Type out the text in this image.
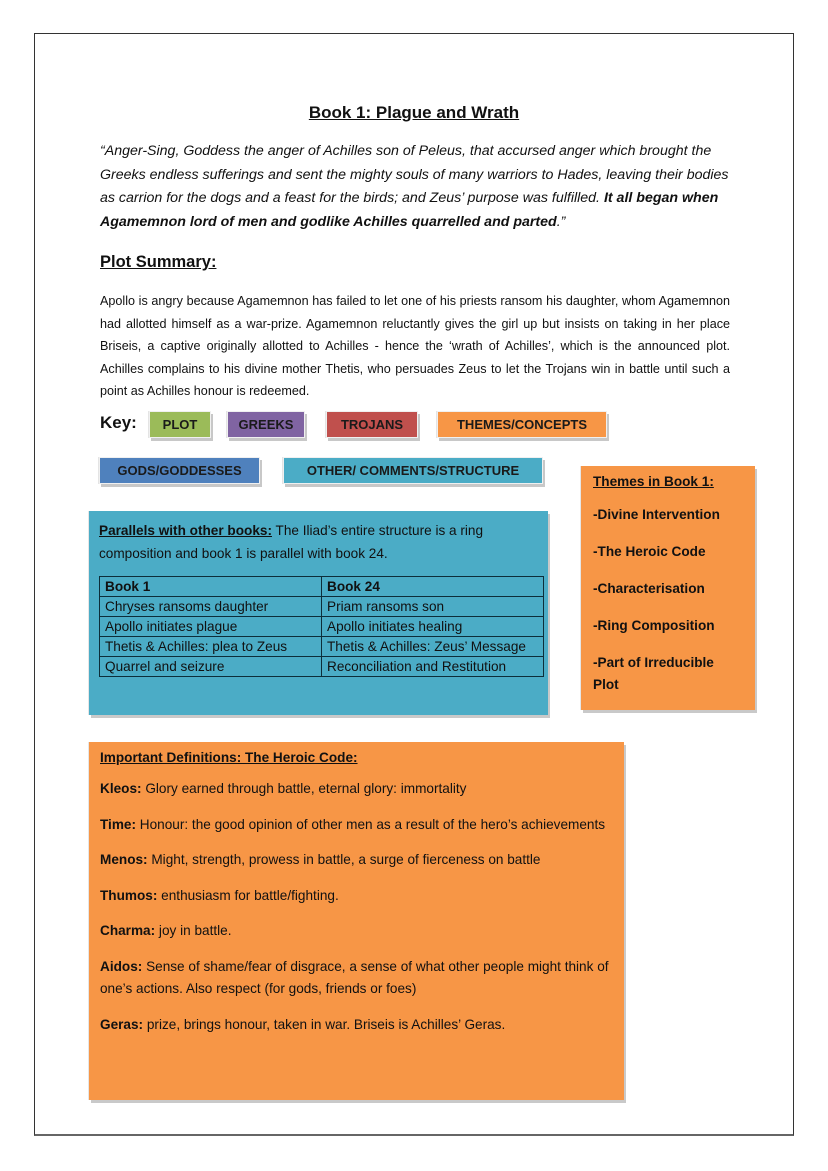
Book 1: Plague and Wrath
“Anger-Sing, Goddess the anger of Achilles son of Peleus, that accursed anger which brought the Greeks endless sufferings and sent the mighty souls of many warriors to Hades, leaving their bodies as carrion for the dogs and a feast for the birds; and Zeus’ purpose was fulfilled. It all began when Agamemnon lord of men and godlike Achilles quarrelled and parted.”
Plot Summary:
Apollo is angry because Agamemnon has failed to let one of his priests ransom his daughter, whom Agamemnon had allotted himself as a war-prize. Agamemnon reluctantly gives the girl up but insists on taking in her place Briseis, a captive originally allotted to Achilles - hence the ‘wrath of Achilles’, which is the announced plot. Achilles complains to his divine mother Thetis, who persuades Zeus to let the Trojans win in battle until such a point as Achilles honour is redeemed.
Key:	PLOT	GREEKS	TROJANS	THEMES/CONCEPTS
GODS/GODDESSES	OTHER/ COMMENTS/STRUCTURE
Parallels with other books: The Iliad’s entire structure is a ring composition and book 1 is parallel with book 24.
Book 1	Book 24
Chryses ransoms daughter	Priam ransoms son
Apollo initiates plague	Apollo initiates healing
Thetis & Achilles: plea to Zeus	Thetis & Achilles: Zeus’ Message
Quarrel and seizure	Reconciliation and Restitution
Themes in Book 1:
-Divine Intervention
-The Heroic Code
-Characterisation
-Ring Composition
-Part of Irreducible Plot
Important Definitions: The Heroic Code:
Kleos: Glory earned through battle, eternal glory: immortality
Time: Honour: the good opinion of other men as a result of the hero’s achievements
Menos: Might, strength, prowess in battle, a surge of fierceness on battle
Thumos: enthusiasm for battle/fighting.
Charma: joy in battle.
Aidos: Sense of shame/fear of disgrace, a sense of what other people might think of one’s actions. Also respect (for gods, friends or foes)
Geras: prize, brings honour, taken in war. Briseis is Achilles’ Geras.
